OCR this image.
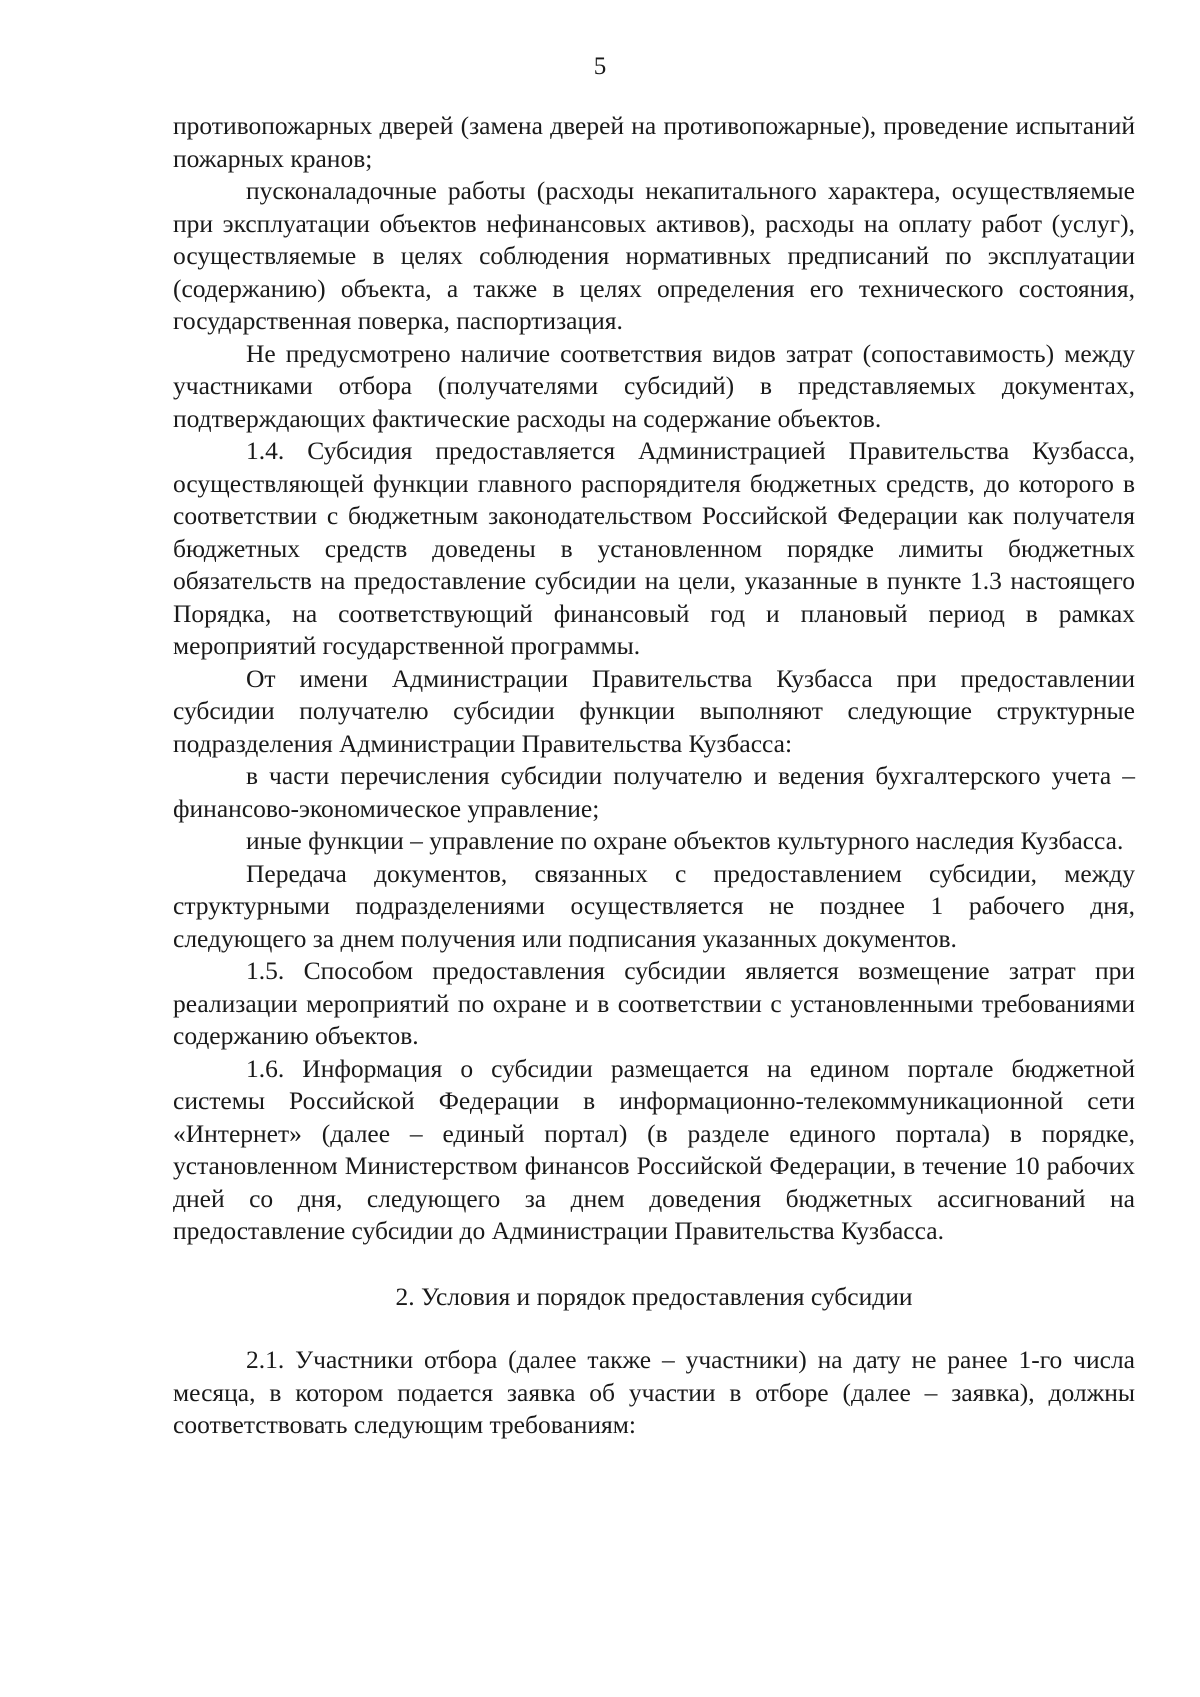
5

противопожарных дверей (замена дверей на противопожарные), проведение испытаний пожарных кранов;

пусконаладочные работы (расходы некапитального характера, осуществляемые при эксплуатации объектов нефинансовых активов), расходы на оплату работ (услуг), осуществляемые в целях соблюдения нормативных предписаний по эксплуатации (содержанию) объекта, а также в целях определения его технического состояния, государственная поверка, паспортизация.

Не предусмотрено наличие соответствия видов затрат (сопоставимость) между участниками отбора (получателями субсидий) в представляемых документах, подтверждающих фактические расходы на содержание объектов.

1.4. Субсидия предоставляется Администрацией Правительства Кузбасса, осуществляющей функции главного распорядителя бюджетных средств, до которого в соответствии с бюджетным законодательством Российской Федерации как получателя бюджетных средств доведены в установленном порядке лимиты бюджетных обязательств на предоставление субсидии на цели, указанные в пункте 1.3 настоящего Порядка, на соответствующий финансовый год и плановый период в рамках мероприятий государственной программы.

От имени Администрации Правительства Кузбасса при предоставлении субсидии получателю субсидии функции выполняют следующие структурные подразделения Администрации Правительства Кузбасса:

в части перечисления субсидии получателю и ведения бухгалтерского учета – финансово-экономическое управление;

иные функции – управление по охране объектов культурного наследия Кузбасса.

Передача документов, связанных с предоставлением субсидии, между структурными подразделениями осуществляется не позднее 1 рабочего дня, следующего за днем получения или подписания указанных документов.

1.5. Способом предоставления субсидии является возмещение затрат при реализации мероприятий по охране и в соответствии с установленными требованиями содержанию объектов.

1.6. Информация о субсидии размещается на едином портале бюджетной системы Российской Федерации в информационно-телекоммуникационной сети «Интернет» (далее – единый портал) (в разделе единого портала) в порядке, установленном Министерством финансов Российской Федерации, в течение 10 рабочих дней со дня, следующего за днем доведения бюджетных ассигнований на предоставление субсидии до Администрации Правительства Кузбасса.

2. Условия и порядок предоставления субсидии

2.1. Участники отбора (далее также – участники) на дату не ранее 1-го числа месяца, в котором подается заявка об участии в отборе (далее – заявка), должны соответствовать следующим требованиям:
